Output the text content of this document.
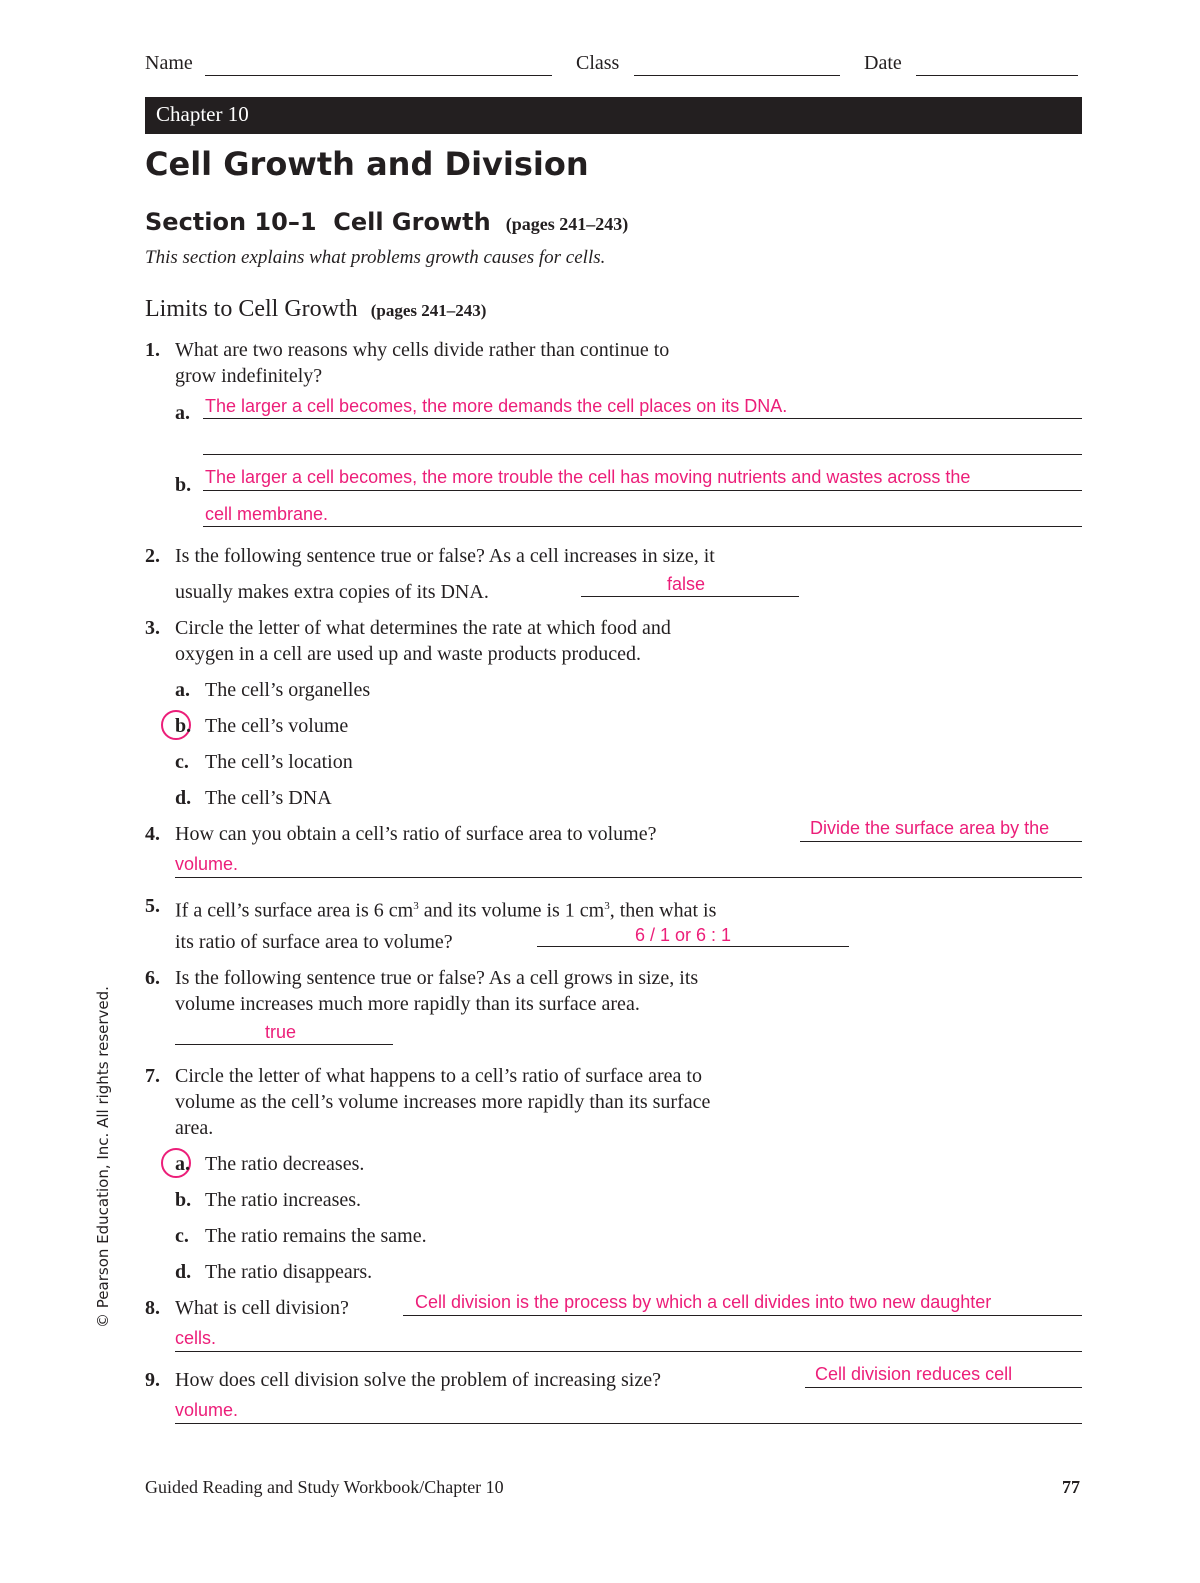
Name	Class	Date
Chapter 10
Cell Growth and Division
Section 10–1  Cell Growth (pages 241–243)
This section explains what problems growth causes for cells.
Limits to Cell Growth (pages 241–243)
1. What are two reasons why cells divide rather than continue to
grow indefinitely?
a. The larger a cell becomes, the more demands the cell places on its DNA.
b. The larger a cell becomes, the more trouble the cell has moving nutrients and wastes across the
cell membrane.
2. Is the following sentence true or false? As a cell increases in size, it
usually makes extra copies of its DNA.	false
3. Circle the letter of what determines the rate at which food and
oxygen in a cell are used up and waste products produced.
a. The cell’s organelles
b. The cell’s volume
c. The cell’s location
d. The cell’s DNA
4. How can you obtain a cell’s ratio of surface area to volume?	Divide the surface area by the
volume.
5. If a cell’s surface area is 6 $cm^3$ and its volume is 1 $cm^3$, then what is
its ratio of surface area to volume?	6 / 1 or 6 : 1
6. Is the following sentence true or false? As a cell grows in size, its
volume increases much more rapidly than its surface area.
true
7. Circle the letter of what happens to a cell’s ratio of surface area to
volume as the cell’s volume increases more rapidly than its surface
area.
a. The ratio decreases.
b. The ratio increases.
c. The ratio remains the same.
d. The ratio disappears.
8. What is cell division?	Cell division is the process by which a cell divides into two new daughter
cells.
9. How does cell division solve the problem of increasing size?	Cell division reduces cell
volume.
© Pearson Education, Inc. All rights reserved.
Guided Reading and Study Workbook/Chapter 10	77
